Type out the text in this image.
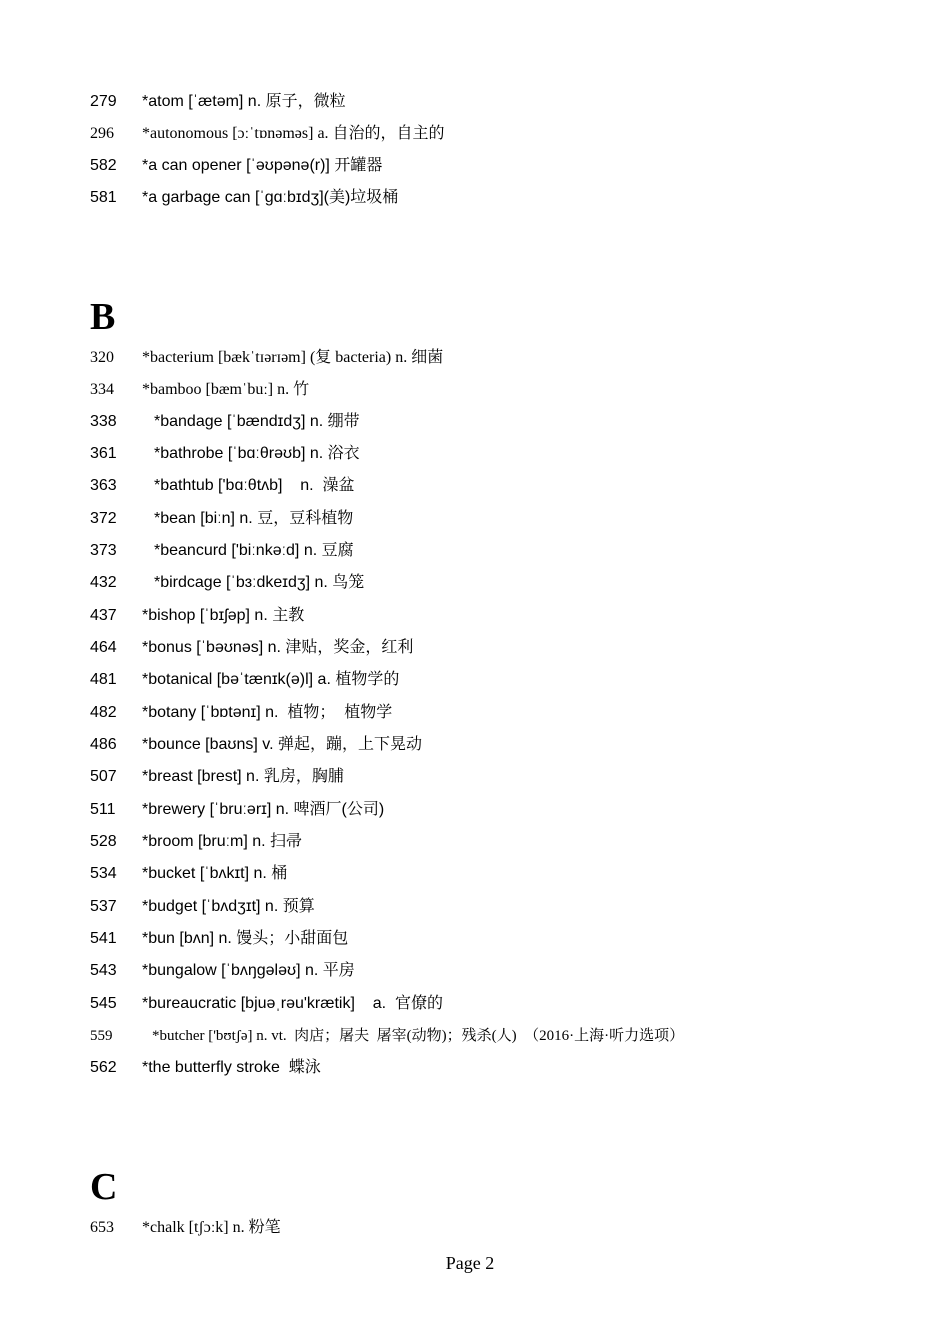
279 *atom [ˈætəm] n. 原子，微粒
296 *autonomous [ɔːˈtɒnəməs] a. 自治的，自主的
582 *a can opener [ˈəʊpənə(r)] 开罐器
581 *a garbage can [ˈɡɑːbɪdʒ](美)垃圾桶
B
320 *bacterium [bækˈtɪərɪəm] (复 bacteria) n. 细菌
334 *bamboo [bæmˈbuː] n. 竹
338 *bandage [ˈbændɪdʒ] n. 绷带
361 *bathrobe [ˈbɑːθrəʊb] n. 浴衣
363 *bathtub ['bɑːθtʌb]    n.  澡盆
372 *bean [biːn] n. 豆，豆科植物
373 *beancurd ['biːnkəːd] n. 豆腐
432 *birdcage [ˈbɜːdkeɪdʒ] n. 鸟笼
437 *bishop [ˈbɪʃəp] n. 主教
464 *bonus [ˈbəʊnəs] n. 津贴，奖金，红利
481 *botanical [bəˈtænɪk(ə)l] a. 植物学的
482 *botany [ˈbɒtənɪ] n.  植物；  植物学
486 *bounce [baʊns] v. 弹起，蹦，上下晃动
507 *breast [brest] n. 乳房，胸脯
511 *brewery [ˈbruːərɪ] n. 啤酒厂(公司)
528 *broom [bruːm] n. 扫帚
534 *bucket [ˈbʌkɪt] n. 桶
537 *budget [ˈbʌdʒɪt] n. 预算
541 *bun [bʌn] n. 馒头；小甜面包
543 *bungalow [ˈbʌŋɡələʊ] n. 平房
545 *bureaucratic [bjuəˌrəu'krætik]    a.  官僚的
559	*butcher ['bʊtʃə] n. vt.  肉店；屠夫  屠宰(动物)；残杀(人)  （2016·上海·听力选项）
562 *the butterfly stroke  蝶泳
C
653 *chalk [tʃɔːk] n. 粉笔
Page 2
